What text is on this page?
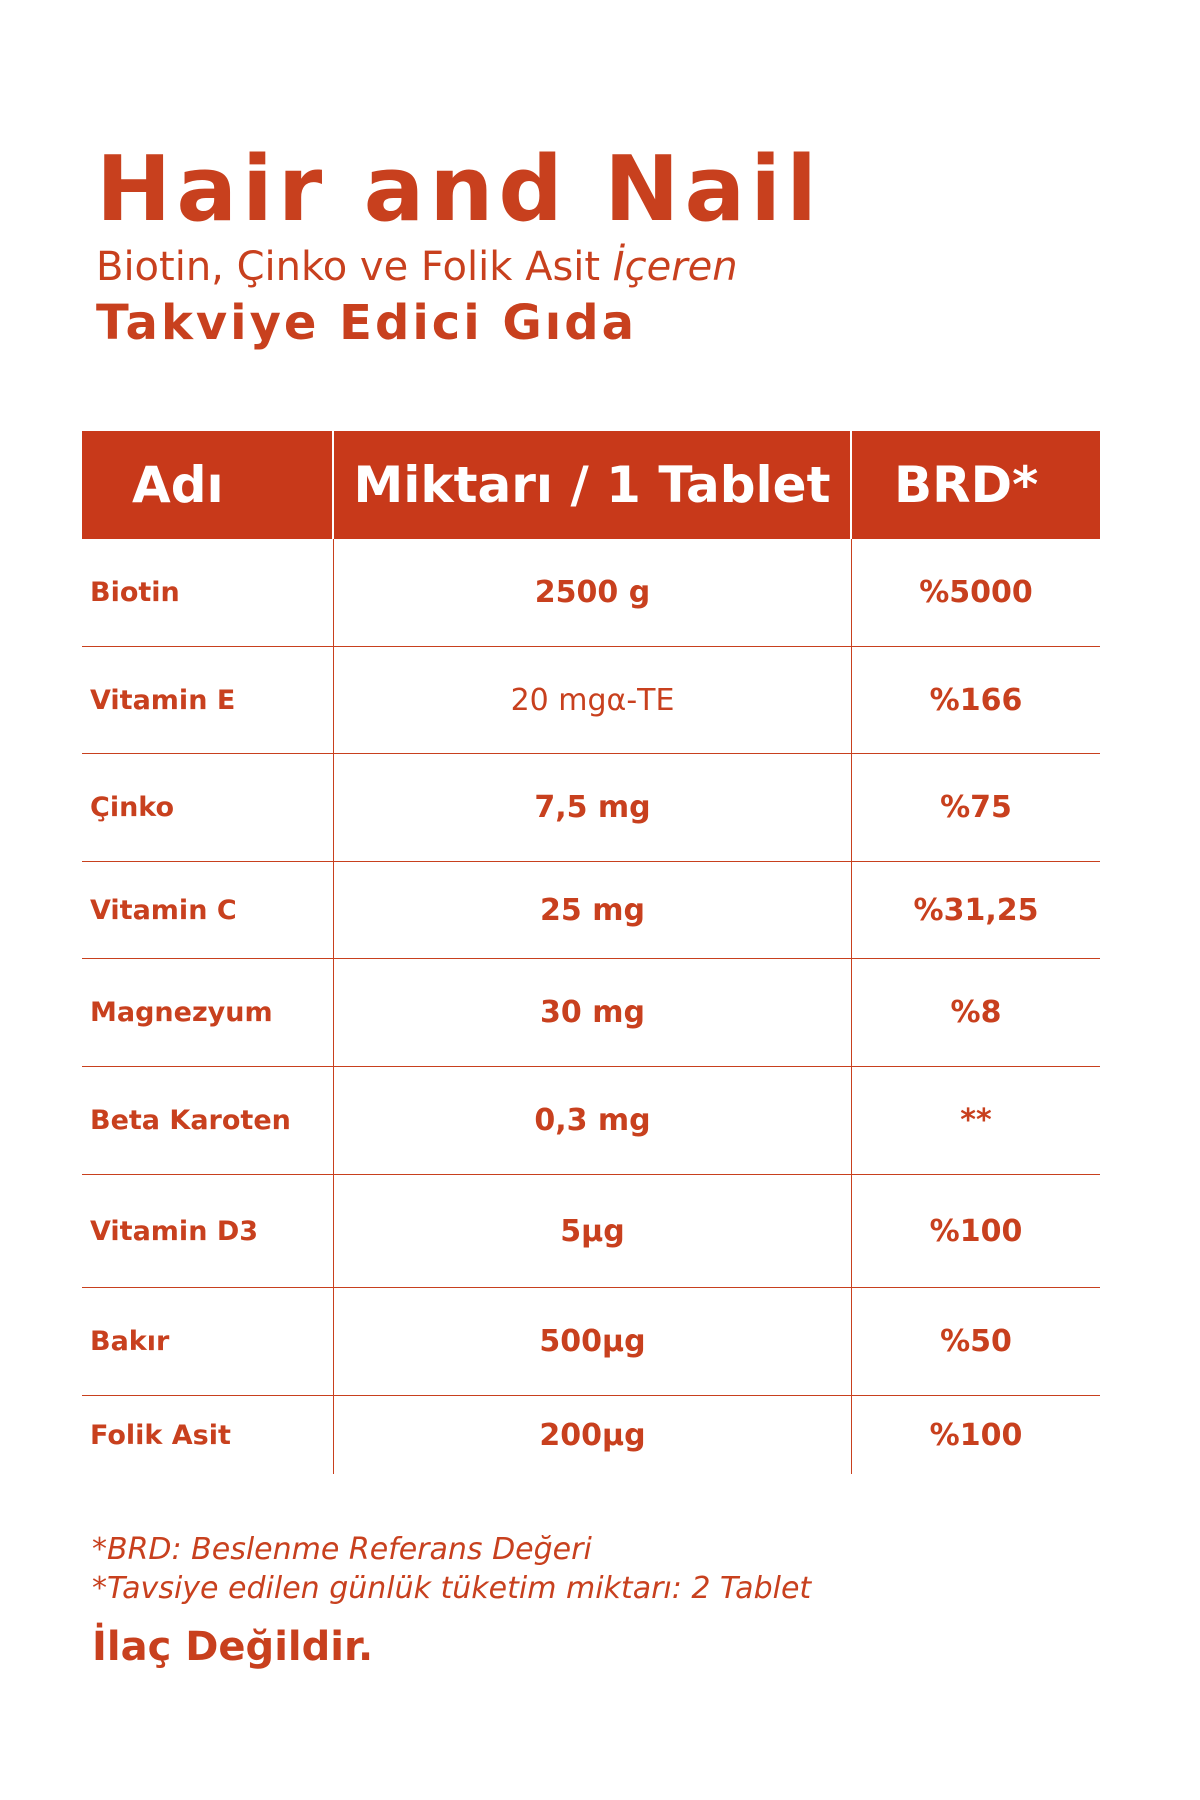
Hair and Nail
Biotin, Çinko ve Folik Asit İçeren
Takviye Edici Gıda
Adı	Miktarı / 1 Tablet	BRD*
Biotin	2500 g	%5000
Vitamin E	20 mgα-TE	%166
Çinko	7,5 mg	%75
Vitamin C	25 mg	%31,25
Magnezyum	30 mg	%8
Beta Karoten	0,3 mg	**
Vitamin D3	5µg	%100
Bakır	500µg	%50
Folik Asit	200µg	%100
*BRD: Beslenme Referans Değeri
*Tavsiye edilen günlük tüketim miktarı: 2 Tablet
İlaç Değildir.
